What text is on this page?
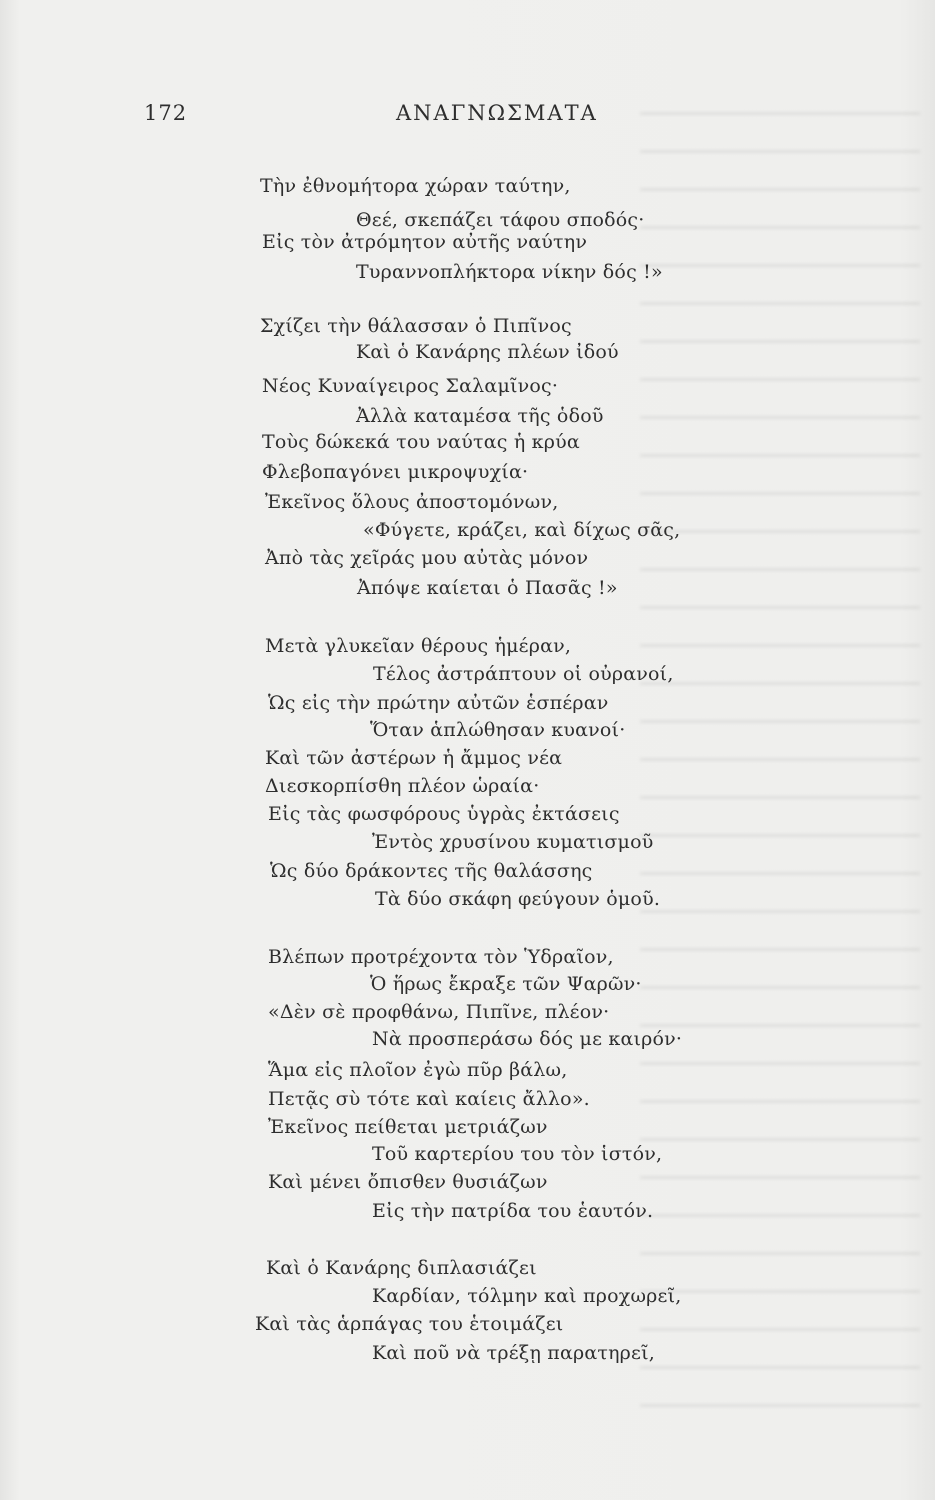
172	ΑΝΑΓΝΩΣΜΑΤΑ
Τὴν ἐθνομήτορα χώραν ταύτην,
Θεέ, σκεπάζει τάφου σποδός·
Εἰς τὸν ἀτρόμητον αὐτῆς ναύτην
Τυραννοπλήκτορα νίκην δός !»
Σχίζει τὴν θάλασσαν ὁ Πιπῖνος
Καὶ ὁ Κανάρης πλέων ἰδού
Νέος Κυναίγειρος Σαλαμῖνος·
Ἀλλὰ καταμέσα τῆς ὁδοῦ
Τοὺς δώκεκά του ναύτας ἡ κρύα
Φλεβοπαγόνει μικροψυχία·
Ἐκεῖνος ὅλους ἀποστομόνων,
«Φύγετε, κράζει, καὶ δίχως σᾶς,
Ἀπὸ τὰς χεῖράς μου αὐτὰς μόνον
Ἀπόψε καίεται ὁ Πασᾶς !»
Μετὰ γλυκεῖαν θέρους ἡμέραν,
Τέλος ἀστράπτουν οἱ οὐρανοί,
Ὡς εἰς τὴν πρώτην αὐτῶν ἑσπέραν
Ὅταν ἁπλώθησαν κυανοί·
Καὶ τῶν ἀστέρων ἡ ἄμμος νέα
Διεσκορπίσθη πλέον ὡραία·
Εἰς τὰς φωσφόρους ὑγρὰς ἐκτάσεις
Ἐντὸς χρυσίνου κυματισμοῦ
Ὡς δύο δράκοντες τῆς θαλάσσης
Τὰ δύο σκάφη φεύγουν ὁμοῦ.
Βλέπων προτρέχοντα τὸν Ὑδραῖον,
Ὁ ἥρως ἔκραξε τῶν Ψαρῶν·
«Δὲν σὲ προφθάνω, Πιπῖνε, πλέον·
Νὰ προσπεράσω δός με καιρόν·
Ἅμα εἰς πλοῖον ἐγὼ πῦρ βάλω,
Πετᾷς σὺ τότε καὶ καίεις ἄλλο».
Ἐκεῖνος πείθεται μετριάζων
Τοῦ καρτερίου του τὸν ἱστόν,
Καὶ μένει ὄπισθεν θυσιάζων
Εἰς τὴν πατρίδα του ἑαυτόν.
Καὶ ὁ Κανάρης διπλασιάζει
Καρδίαν, τόλμην καὶ προχωρεῖ,
Καὶ τὰς ἁρπάγας του ἑτοιμάζει
Καὶ ποῦ νὰ τρέξῃ παρατηρεῖ,
